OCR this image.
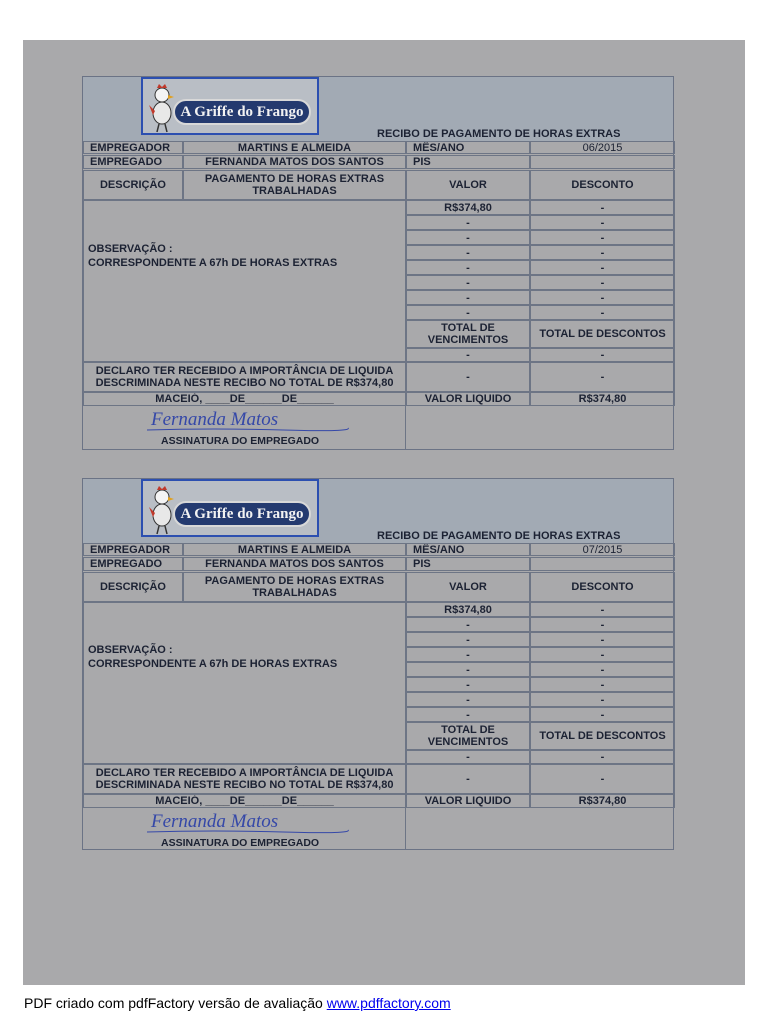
A Griffe do Frango
RECIBO DE PAGAMENTO DE HORAS EXTRAS
EMPREGADOR	MARTINS E ALMEIDA	MÊS/ANO	06/2015
EMPREGADO	FERNANDA MATOS DOS SANTOS	PIS
DESCRIÇÃO	PAGAMENTO DE HORAS EXTRAS TRABALHADAS	VALOR	DESCONTO
OBSERVAÇÃO :
CORRESPONDENTE A 67h DE HORAS EXTRAS
R$374,80	-
-	-
-	-
-	-
-	-
-	-
-	-
-	-
TOTAL DE VENCIMENTOS	TOTAL DE DESCONTOS
-	-
DECLARO TER RECEBIDO A IMPORTÂNCIA DE LIQUIDA DESCRIMINADA NESTE RECIBO NO TOTAL DE R$374,80	-	-
MACEIÓ, ____DE______DE______	VALOR LIQUIDO	R$374,80
Fernanda Matos
ASSINATURA DO EMPREGADO
A Griffe do Frango
RECIBO DE PAGAMENTO DE HORAS EXTRAS
EMPREGADOR	MARTINS E ALMEIDA	MÊS/ANO	07/2015
EMPREGADO	FERNANDA MATOS DOS SANTOS	PIS
DESCRIÇÃO	PAGAMENTO DE HORAS EXTRAS TRABALHADAS	VALOR	DESCONTO
OBSERVAÇÃO :
CORRESPONDENTE A 67h DE HORAS EXTRAS
R$374,80	-
-	-
-	-
-	-
-	-
-	-
-	-
-	-
TOTAL DE VENCIMENTOS	TOTAL DE DESCONTOS
-	-
DECLARO TER RECEBIDO A IMPORTÂNCIA DE LIQUIDA DESCRIMINADA NESTE RECIBO NO TOTAL DE R$374,80	-	-
MACEIÓ, ____DE______DE______	VALOR LIQUIDO	R$374,80
Fernanda Matos
ASSINATURA DO EMPREGADO
PDF criado com pdfFactory versão de avaliação www.pdffactory.com
